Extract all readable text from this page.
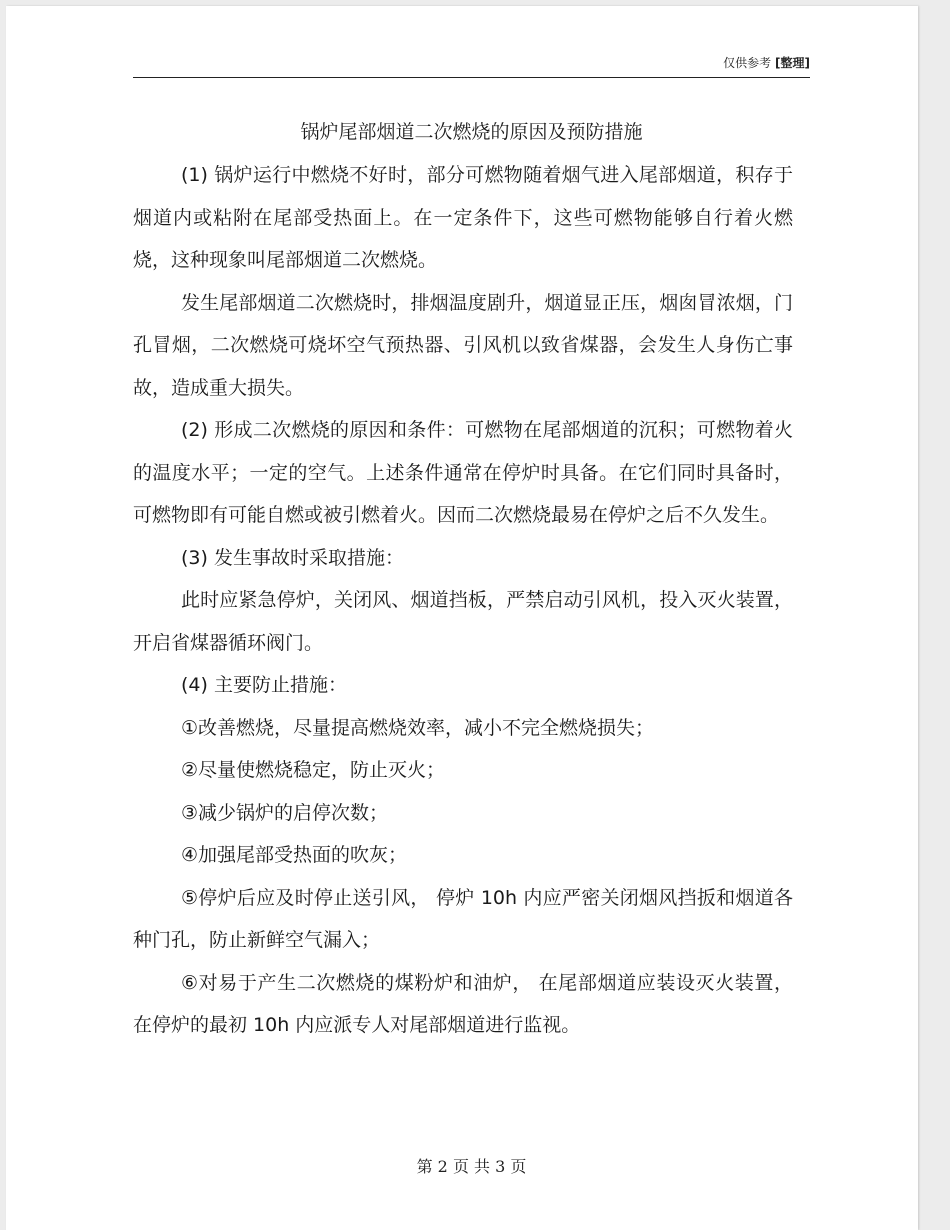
仅供参考 [整理]
锅炉尾部烟道二次燃烧的原因及预防措施

(1) 锅炉运行中燃烧不好时，部分可燃物随着烟气进入尾部烟道，积存于烟道内或粘附在尾部受热面上。在一定条件下，这些可燃物能够自行着火燃烧，这种现象叫尾部烟道二次燃烧。

发生尾部烟道二次燃烧时，排烟温度剧升，烟道显正压，烟囱冒浓烟，门孔冒烟，二次燃烧可烧坏空气预热器、引风机以致省煤器，会发生人身伤亡事故，造成重大损失。

(2) 形成二次燃烧的原因和条件：可燃物在尾部烟道的沉积；可燃物着火的温度水平；一定的空气。上述条件通常在停炉时具备。在它们同时具备时，可燃物即有可能自燃或被引燃着火。因而二次燃烧最易在停炉之后不久发生。

(3) 发生事故时采取措施：

此时应紧急停炉，关闭风、烟道挡板，严禁启动引风机，投入灭火装置，开启省煤器循环阀门。

(4) 主要防止措施：

①改善燃烧，尽量提高燃烧效率，减小不完全燃烧损失；

②尽量使燃烧稳定，防止灭火；

③减少锅炉的启停次数；

④加强尾部受热面的吹灰；

⑤停炉后应及时停止送引风， 停炉 10h 内应严密关闭烟风挡扳和烟道各种门孔，防止新鲜空气漏入；

⑥对易于产生二次燃烧的煤粉炉和油炉， 在尾部烟道应装设灭火装置，在停炉的最初 10h 内应派专人对尾部烟道进行监视。

第 2 页 共 3 页
